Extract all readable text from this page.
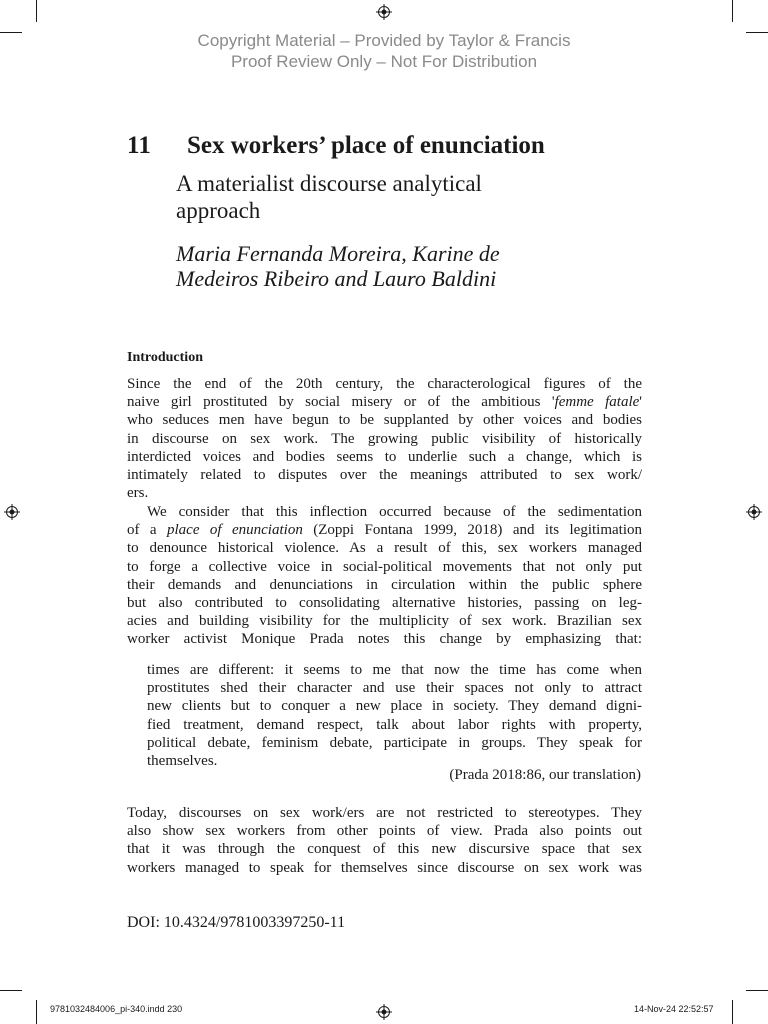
Copyright Material – Provided by Taylor & Francis
Proof Review Only – Not For Distribution
11 Sex workers’ place of enunciation
A materialist discourse analytical
approach
Maria Fernanda Moreira, Karine de
Medeiros Ribeiro and Lauro Baldini
Introduction
Since the end of the 20th century, the characterological figures of the
naive girl prostituted by social misery or of the ambitious 'femme fatale'
who seduces men have begun to be supplanted by other voices and bodies
in discourse on sex work. The growing public visibility of historically
interdicted voices and bodies seems to underlie such a change, which is
intimately related to disputes over the meanings attributed to sex work/
ers.
We consider that this inflection occurred because of the sedimentation
of a place of enunciation (Zoppi Fontana 1999, 2018) and its legitimation
to denounce historical violence. As a result of this, sex workers managed
to forge a collective voice in social-political movements that not only put
their demands and denunciations in circulation within the public sphere
but also contributed to consolidating alternative histories, passing on leg-
acies and building visibility for the multiplicity of sex work. Brazilian sex
worker activist Monique Prada notes this change by emphasizing that:
times are different: it seems to me that now the time has come when
prostitutes shed their character and use their spaces not only to attract
new clients but to conquer a new place in society. They demand digni-
fied treatment, demand respect, talk about labor rights with property,
political debate, feminism debate, participate in groups. They speak for
themselves.
(Prada 2018:86, our translation)
Today, discourses on sex work/ers are not restricted to stereotypes. They
also show sex workers from other points of view. Prada also points out
that it was through the conquest of this new discursive space that sex
workers managed to speak for themselves since discourse on sex work was
DOI: 10.4324/9781003397250-11
9781032484006_pi-340.indd 230	14-Nov-24 22:52:57
